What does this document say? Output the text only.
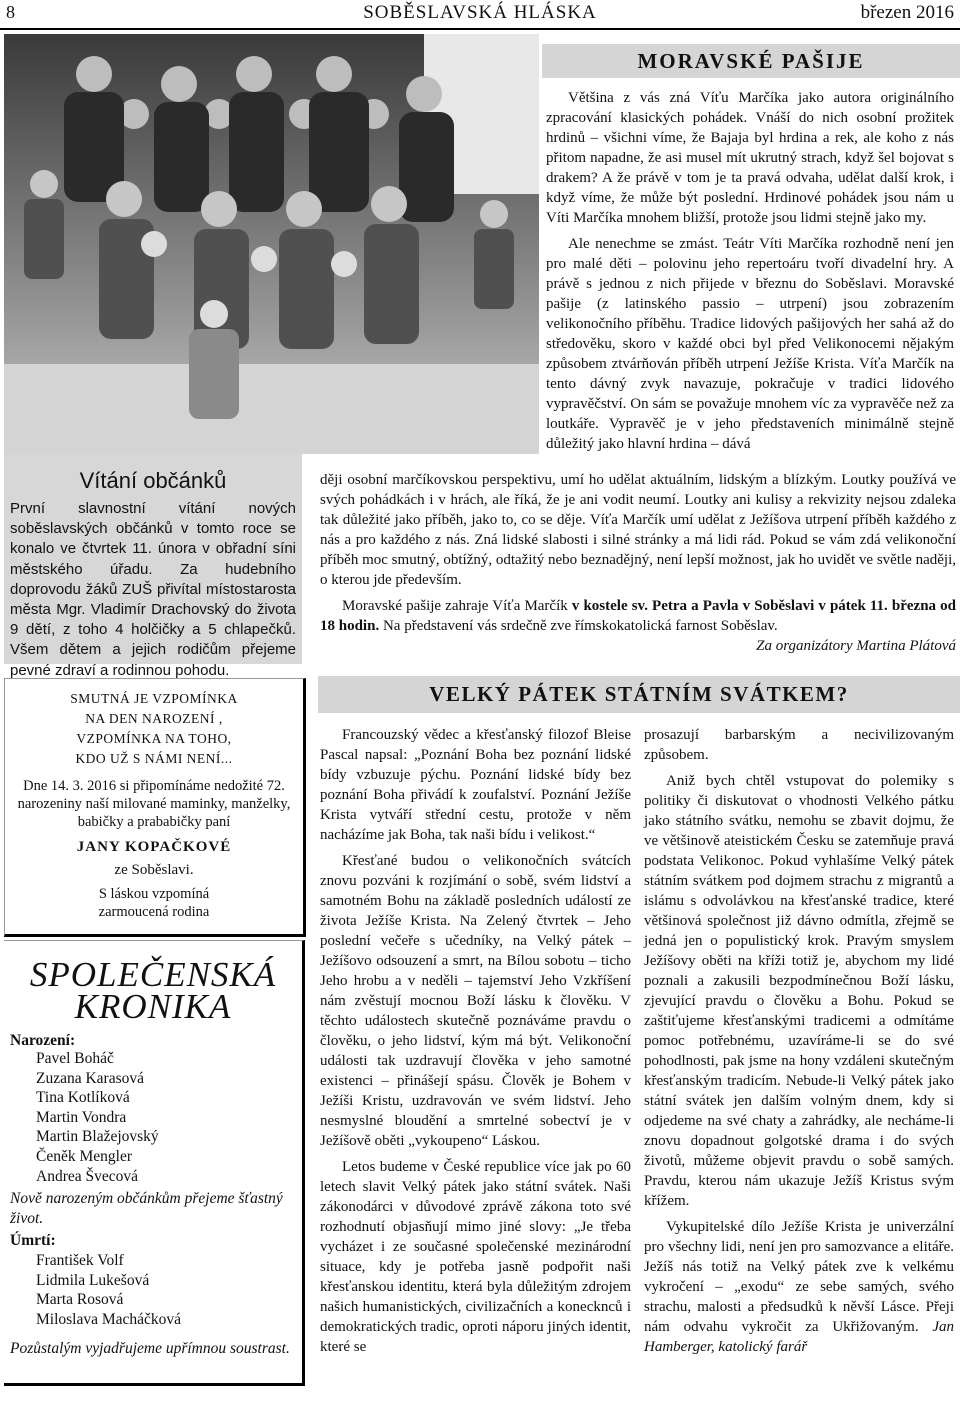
8	SOBĚSLAVSKÁ HLÁSKA	březen 2016
Vítání občánků

První slavnostní vítání nových soběslavských občánků v tomto roce se konalo ve čtvrtek 11. února v obřadní síni městského úřadu. Za hudebního doprovodu žáků ZUŠ přivítal místostarosta města Mgr. Vladimír Drachovský do života 9 dětí, z toho 4 holčičky a 5 chlapečků. Všem dětem a jejich rodičům přejeme pevné zdraví a rodinnou pohodu.

SMUTNÁ JE VZPOMÍNKA
NA DEN NAROZENÍ ,
VZPOMÍNKA NA TOHO,
KDO UŽ S NÁMI NENÍ...

Dne 14. 3. 2016 si připomínáme nedožité 72. narozeniny naší milované maminky, manželky, babičky a prababičky paní

JANY KOPAČKOVÉ
ze Soběslavi.
S láskou vzpomíná
zarmoucená rodina
SPOLEČENSKÁ
KRONIKA
Narození:
Pavel Boháč
Zuzana Karasová
Tina Kotlíková
Martin Vondra
Martin Blažejovský
Čeněk Mengler
Andrea Švecová

Nově narozeným občánkům přejeme šťastný život.

Úmrtí:
František Volf
Lidmila Lukešová
Marta Rosová
Miloslava Macháčková

Pozůstalým vyjadřujeme upřímnou soustrast.

MORAVSKÉ PAŠIJE

Většina z vás zná Víťu Marčíka jako autora originálního zpracování klasických pohádek. Vnáší do nich osobní prožitek hrdinů – všichni víme, že Bajaja byl hrdina a rek, ale koho z nás přitom napadne, že asi musel mít ukrutný strach, když šel bojovat s drakem? A že právě v tom je ta pravá odvaha, udělat další krok, i když víme, že může být poslední. Hrdinové pohádek jsou nám u Víti Marčíka mnohem bližší, protože jsou lidmi stejně jako my.

Ale nenechme se zmást. Teátr Víti Marčíka rozhodně není jen pro malé děti – polovinu jeho repertoáru tvoří divadelní hry. A právě s jednou z nich přijede v březnu do Soběslavi. Moravské pašije (z latinského passio – utrpení) jsou zobrazením velikonočního příběhu. Tradice lidových pašijových her sahá až do středověku, skoro v každé obci byl před Velikonocemi nějakým způsobem ztvárňován příběh utrpení Ježíše Krista. Víťa Marčík na tento dávný zvyk navazuje, pokračuje v tradici lidového vypravěčství. On sám se považuje mnohem víc za vypravěče než za loutkáře. Vypravěč je v jeho představeních minimálně stejně důležitý jako hlavní hrdina – dává

ději osobní marčíkovskou perspektivu, umí ho udělat aktuálním, lidským a blízkým. Loutky používá ve svých pohádkách i v hrách, ale říká, že je ani vodit neumí. Loutky ani kulisy a rekvizity nejsou zdaleka tak důležité jako příběh, jako to, co se děje. Víťa Marčík umí udělat z Ježíšova utrpení příběh každého z nás a pro každého z nás. Zná lidské slabosti i silné stránky a má lidi rád. Pokud se vám zdá velikonoční příběh moc smutný, obtížný, odtažitý nebo beznadějný, není lepší možnost, jak ho uvidět ve světle naději, o kterou jde především.

Moravské pašije zahraje Víťa Marčík v kostele sv. Petra a Pavla v Soběslavi v pátek 11. března od 18 hodin. Na představení vás srdečně zve římskokatolická farnost Soběslav.

Za organizátory Martina Plátová

VELKÝ PÁTEK STÁTNÍM SVÁTKEM?

Francouzský vědec a křesťanský filozof Bleise Pascal napsal: „Poznání Boha bez poznání lidské bídy vzbuzuje pýchu. Poznání lidské bídy bez poznání Boha přivádí k zoufalství. Poznání Ježíše Krista vytváří střední cestu, protože v něm nacházíme jak Boha, tak naši bídu i velikost.“

Křesťané budou o velikonočních svátcích znovu pozváni k rozjímání o sobě, svém lidství a samotném Bohu na základě posledních událostí ze života Ježíše Krista. Na Zelený čtvrtek – Jeho poslední večeře s učedníky, na Velký pátek – Ježíšovo odsouzení a smrt, na Bílou sobotu – ticho Jeho hrobu a v neděli – tajemství Jeho Vzkříšení nám zvěstují mocnou Boží lásku k člověku. V těchto událostech skutečně poznáváme pravdu o člověku, o jeho lidství, kým má být. Velikonoční události tak uzdravují člověka v jeho samotné existenci – přinášejí spásu. Člověk je Bohem v Ježíši Kristu, uzdravován ve svém lidství. Jeho nesmyslné bloudění a smrtelné sobectví je v Ježíšově oběti „vykoupeno“ Láskou.

Letos budeme v České republice více jak po 60 letech slavit Velký pátek jako státní svátek. Naši zákonodárci v důvodové zprávě zákona toto své rozhodnutí objasňují mimo jiné slovy: „Je třeba vycházet i ze současné společenské mezinárodní situace, kdy je potřeba jasně podpořit naši křesťanskou identitu, která byla důležitým zdrojem našich humanistických, civilizačních a konecknců i demokratických tradic, oproti náporu jiných identit, které se

prosazují barbarským a necivilizovaným způsobem.

Aniž bych chtěl vstupovat do polemiky s politiky či diskutovat o vhodnosti Velkého pátku jako státního svátku, nemohu se zbavit dojmu, že ve většinově ateistickém Česku se zatemňuje pravá podstata Velikonoc. Pokud vyhlašíme Velký pátek státním svátkem pod dojmem strachu z migrantů a islámu s odvolávkou na křesťanské tradice, které většinová společnost již dávno odmítla, zřejmě se jedná jen o populistický krok. Pravým smyslem Ježíšovy oběti na kříži totiž je, abychom my lidé poznali a zakusili bezpodmínečnou Boží lásku, zjevující pravdu o člověku a Bohu. Pokud se zaštiťujeme křesťanskými tradicemi a odmítáme pomoc potřebnému, uzavíráme-li se do své pohodlnosti, pak jsme na hony vzdáleni skutečným křesťanským tradicím. Nebude-li Velký pátek jako státní svátek jen dalším volným dnem, kdy si odjedeme na své chaty a zahrádky, ale necháme-li znovu dopadnout golgotské drama i do svých životů, můžeme objevit pravdu o sobě samých. Pravdu, kterou nám ukazuje Ježíš Kristus svým křížem.

Vykupitelské dílo Ježíše Krista je univerzální pro všechny lidi, není jen pro samozvance a elitáře. Ježíš nás totiž na Velký pátek zve k velkému vykročení – „exodu“ ze sebe samých, svého strachu, malosti a předsudků k něvší Lásce. Přeji nám odvahu vykročit za Ukřižovaným. Jan Hamberger, katolický farář
